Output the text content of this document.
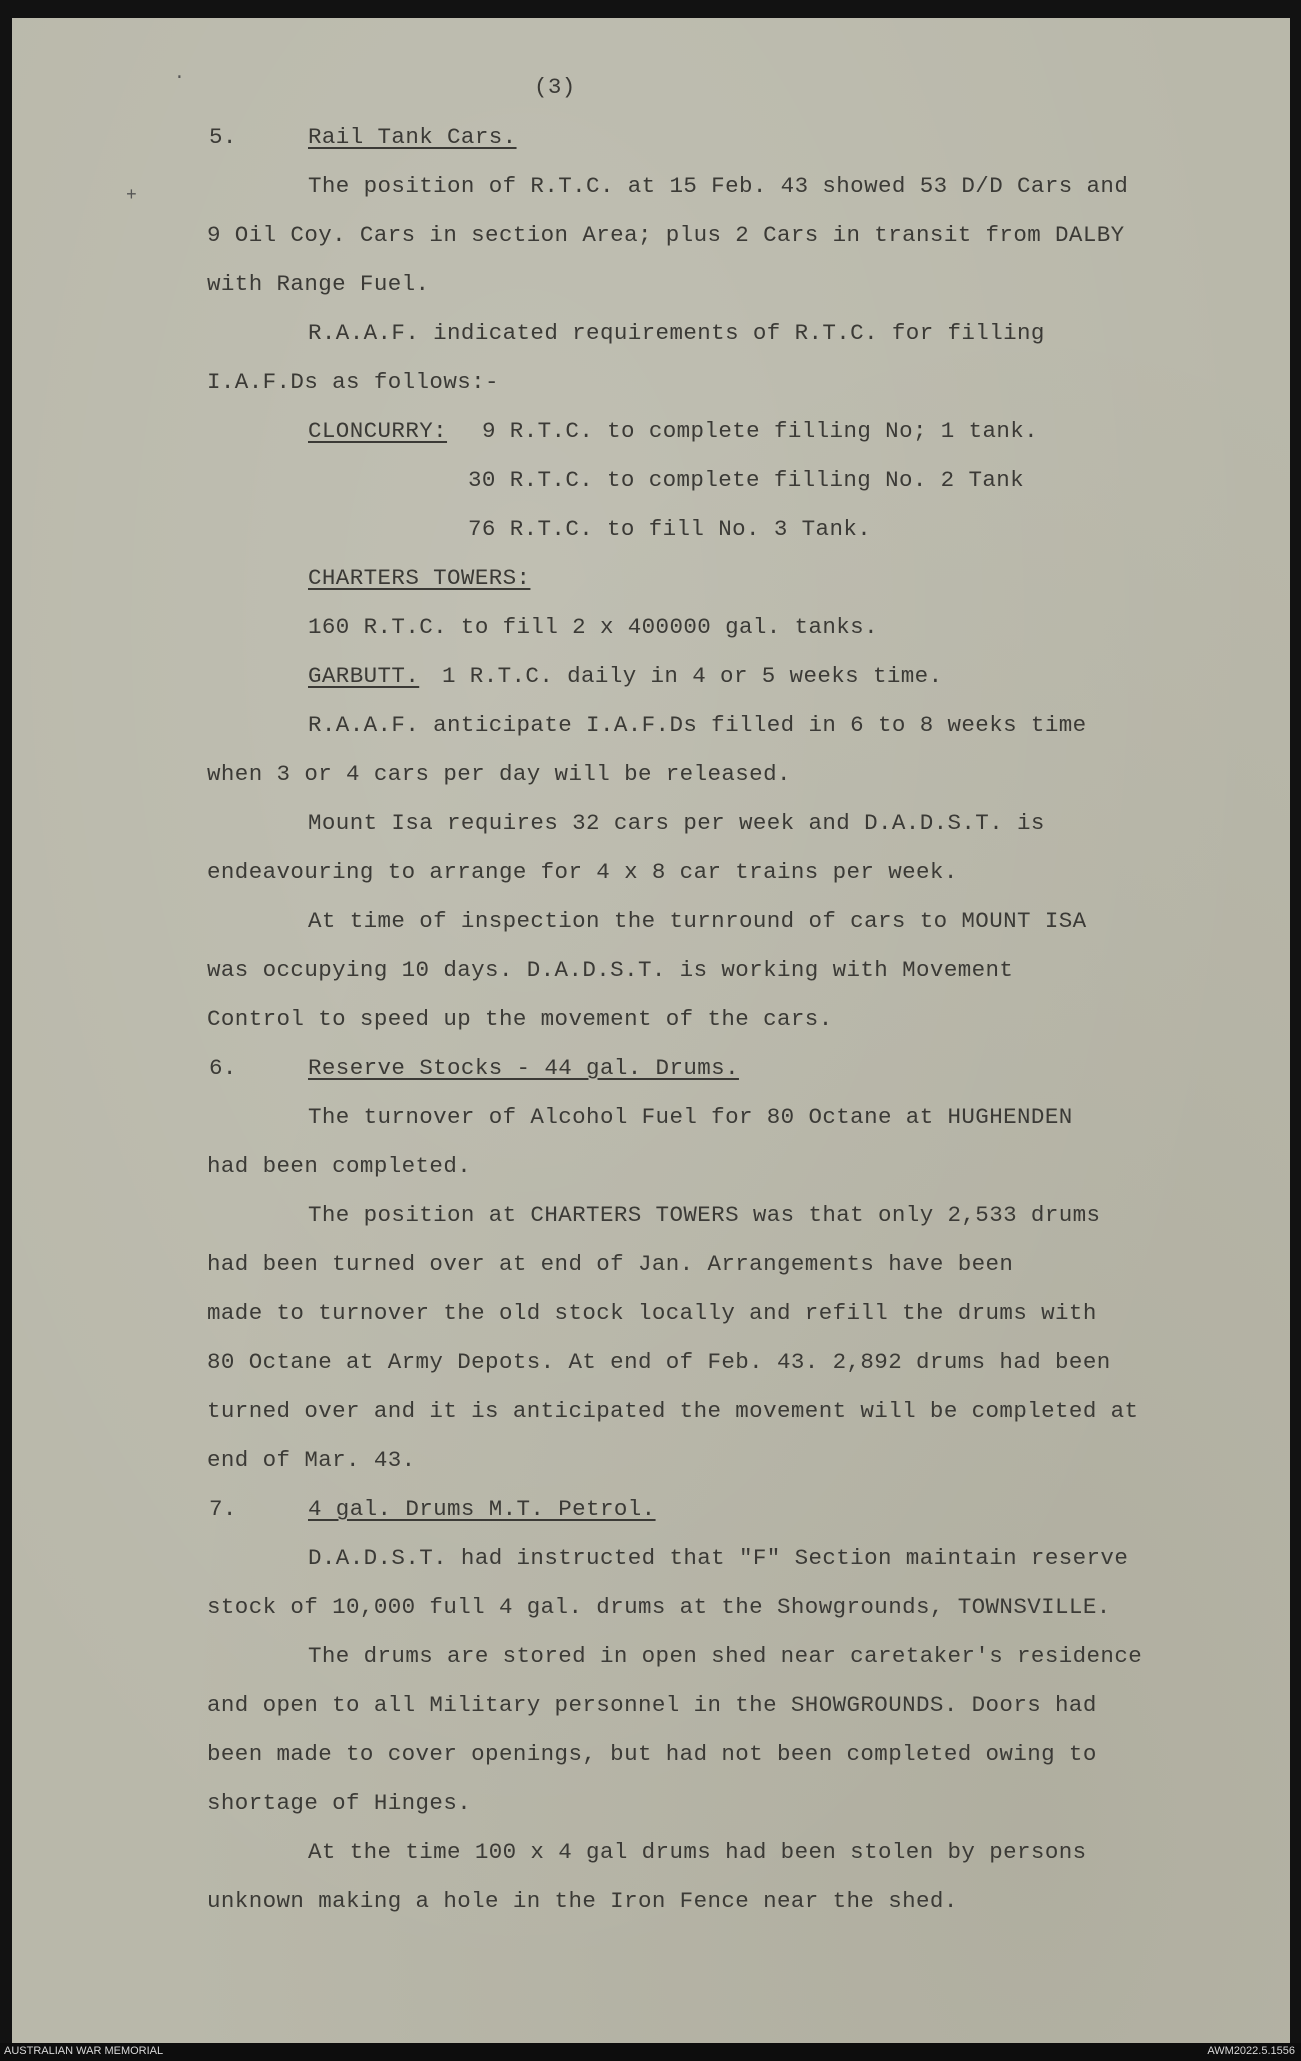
·
+
(3)
5.	Rail Tank Cars.
The position of R.T.C. at 15 Feb. 43 showed 53 D/D Cars and
9 Oil Coy. Cars in section Area; plus 2 Cars in transit from DALBY
with Range Fuel.
R.A.A.F. indicated requirements of R.T.C. for filling
I.A.F.Ds as follows:-
CLONCURRY: 9 R.T.C. to complete filling No; 1 tank.
30 R.T.C. to complete filling No. 2 Tank
76 R.T.C. to fill No. 3 Tank.
CHARTERS TOWERS:
160 R.T.C. to fill 2 x 400000 gal. tanks.
GARBUTT. 1 R.T.C. daily in 4 or 5 weeks time.
R.A.A.F. anticipate I.A.F.Ds filled in 6 to 8 weeks time
when 3 or 4 cars per day will be released.
Mount Isa requires 32 cars per week and D.A.D.S.T. is
endeavouring to arrange for 4 x 8 car trains per week.
At time of inspection the turnround of cars to MOUNT ISA
was occupying 10 days. D.A.D.S.T. is working with Movement
Control to speed up the movement of the cars.
6.	Reserve Stocks - 44 gal. Drums.
The turnover of Alcohol Fuel for 80 Octane at HUGHENDEN
had been completed.
The position at CHARTERS TOWERS was that only 2,533 drums
had been turned over at end of Jan. Arrangements have been
made to turnover the old stock locally and refill the drums with
80 Octane at Army Depots. At end of Feb. 43. 2,892 drums had been
turned over and it is anticipated the movement will be completed at
end of Mar. 43.
7.	4 gal. Drums M.T. Petrol.
D.A.D.S.T. had instructed that "F" Section maintain reserve
stock of 10,000 full 4 gal. drums at the Showgrounds, TOWNSVILLE.
The drums are stored in open shed near caretaker's residence
and open to all Military personnel in the SHOWGROUNDS. Doors had
been made to cover openings, but had not been completed owing to
shortage of Hinges.
At the time 100 x 4 gal drums had been stolen by persons
unknown making a hole in the Iron Fence near the shed.
AUSTRALIAN WAR MEMORIAL	AWM2022.5.1556
